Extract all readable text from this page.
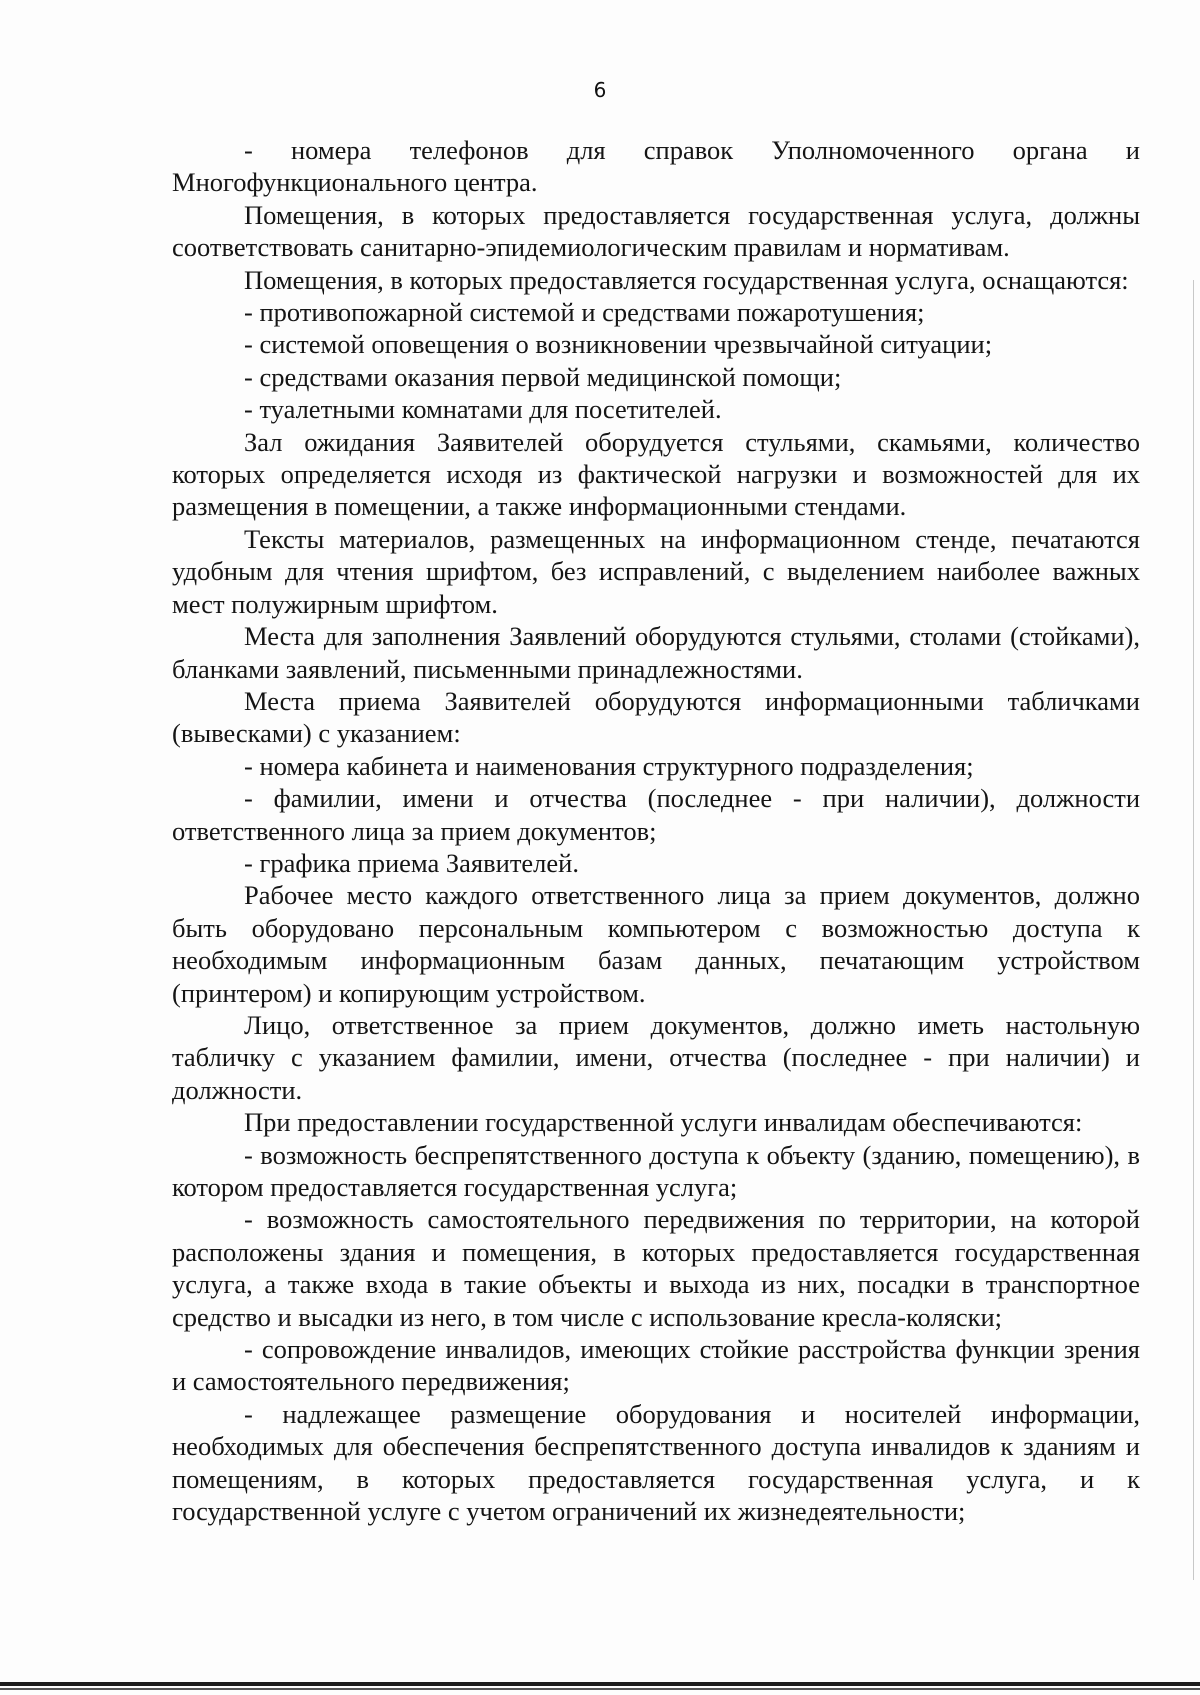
6

- номера телефонов для справок Уполномоченного органа и Многофункционального центра.

Помещения, в которых предоставляется государственная услуга, должны соответствовать санитарно-эпидемиологическим правилам и нормативам.

Помещения, в которых предоставляется государственная услуга, оснащаются:

- противопожарной системой и средствами пожаротушения;

- системой оповещения о возникновении чрезвычайной ситуации;

- средствами оказания первой медицинской помощи;

- туалетными комнатами для посетителей.

Зал ожидания Заявителей оборудуется стульями, скамьями, количество которых определяется исходя из фактической нагрузки и возможностей для их размещения в помещении, а также информационными стендами.

Тексты материалов, размещенных на информационном стенде, печатаются удобным для чтения шрифтом, без исправлений, с выделением наиболее важных мест полужирным шрифтом.

Места для заполнения Заявлений оборудуются стульями, столами (стойками), бланками заявлений, письменными принадлежностями.

Места приема Заявителей оборудуются информационными табличками (вывесками) с указанием:

- номера кабинета и наименования структурного подразделения;

- фамилии, имени и отчества (последнее - при наличии), должности ответственного лица за прием документов;

- графика приема Заявителей.

Рабочее место каждого ответственного лица за прием документов, должно быть оборудовано персональным компьютером с возможностью доступа к необходимым информационным базам данных, печатающим устройством (принтером) и копирующим устройством.

Лицо, ответственное за прием документов, должно иметь настольную табличку с указанием фамилии, имени, отчества (последнее - при наличии) и должности.

При предоставлении государственной услуги инвалидам обеспечиваются:

- возможность беспрепятственного доступа к объекту (зданию, помещению), в котором предоставляется государственная услуга;

- возможность самостоятельного передвижения по территории, на которой расположены здания и помещения, в которых предоставляется государственная услуга, а также входа в такие объекты и выхода из них, посадки в транспортное средство и высадки из него, в том числе с использование кресла-коляски;

- сопровождение инвалидов, имеющих стойкие расстройства функции зрения и самостоятельного передвижения;

- надлежащее размещение оборудования и носителей информации, необходимых для обеспечения беспрепятственного доступа инвалидов к зданиям и помещениям, в которых предоставляется государственная услуга, и к государственной услуге с учетом ограничений их жизнедеятельности;
